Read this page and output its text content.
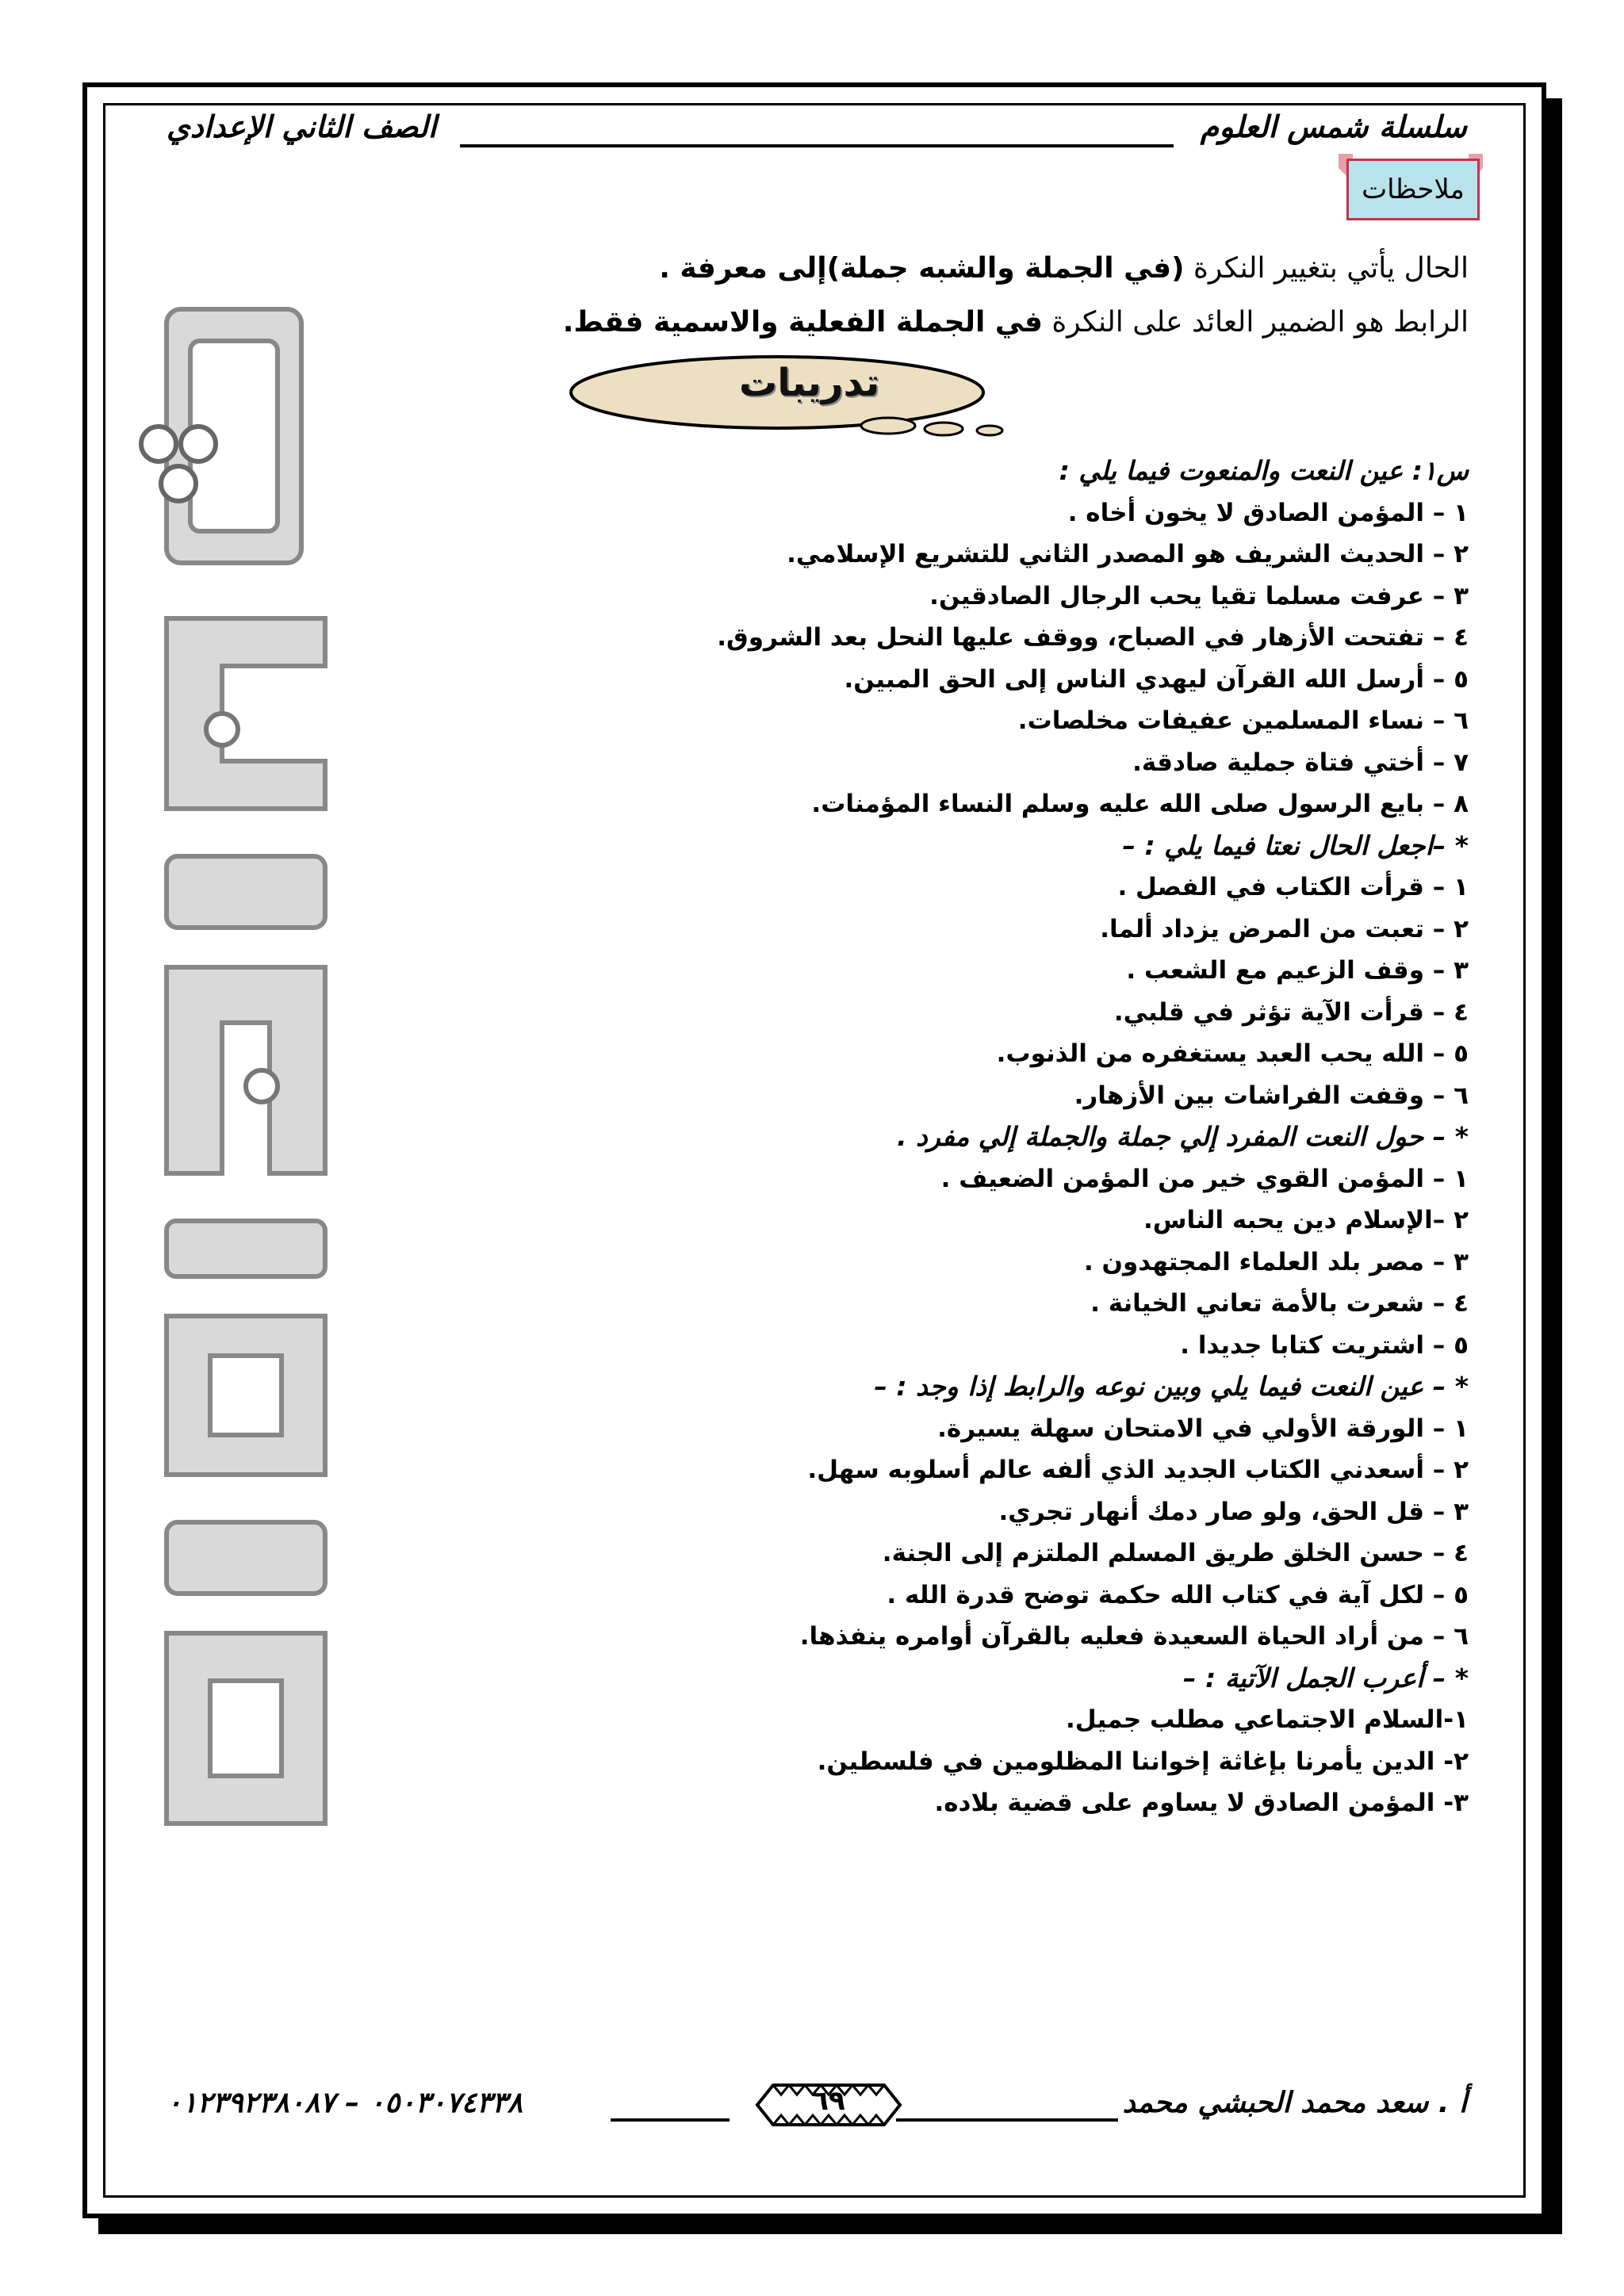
سلسلة شمس العلوم
الصف الثاني الإعدادي
ملاحظات
الحال يأتي بتغيير النكرة (في الجملة والشبه جملة)إلى معرفة .
الرابط هو الضمير العائد على النكرة في الجملة الفعلية والاسمية فقط.
تدريبات
س١: عين النعت والمنعوت فيما يلي :
١ – المؤمن الصادق لا يخون أخاه .
٢ – الحديث الشريف هو المصدر الثاني للتشريع الإسلامي.
٣ – عرفت مسلما تقيا يحب الرجال الصادقين.
٤ – تفتحت الأزهار في الصباح، ووقف عليها النحل بعد الشروق.
٥ – أرسل الله القرآن ليهدي الناس إلى الحق المبين.
٦ – نساء المسلمين عفيفات مخلصات.
٧ – أختي فتاة جملية صادقة.
٨ – بايع الرسول صلى الله عليه وسلم النساء المؤمنات.
* –اجعل الحال نعتا فيما يلي : –
١ – قرأت الكتاب في الفصل .
٢ – تعبت من المرض يزداد ألما.
٣ – وقف الزعيم مع الشعب .
٤ – قرأت الآية تؤثر في قلبي.
٥ – الله يحب العبد يستغفره من الذنوب.
٦ – وقفت الفراشات بين الأزهار.
* – حول النعت المفرد إلي جملة والجملة إلي مفرد .
١ – المؤمن القوي خير من المؤمن الضعيف .
٢ –الإسلام دين يحبه الناس.
٣ – مصر بلد العلماء المجتهدون .
٤ – شعرت بالأمة تعاني الخيانة .
٥ – اشتريت كتابا جديدا .
* – عين النعت فيما يلي وبين نوعه والرابط إذا وجد : –
١ – الورقة الأولي في الامتحان سهلة يسيرة.
٢ – أسعدني الكتاب الجديد الذي ألفه عالم أسلوبه سهل.
٣ – قل الحق، ولو صار دمك أنهار تجري.
٤ – حسن الخلق طريق المسلم الملتزم إلى الجنة.
٥ – لكل آية في كتاب الله حكمة توضح قدرة الله .
٦ – من أراد الحياة السعيدة فعليه بالقرآن أوامره ينفذها.
* – أعرب الجمل الآتية : –
١-السلام الاجتماعي مطلب جميل.
٢- الدين يأمرنا بإغاثة إخواننا المظلومين في فلسطين.
٣- المؤمن الصادق لا يساوم على قضية بلاده.
أ . سعد محمد الحبشي محمد
٠٥٠٣٠٧٤٣٣٨ – ٠١٢٣٩٢٣٨٠٨٧	٦٩
